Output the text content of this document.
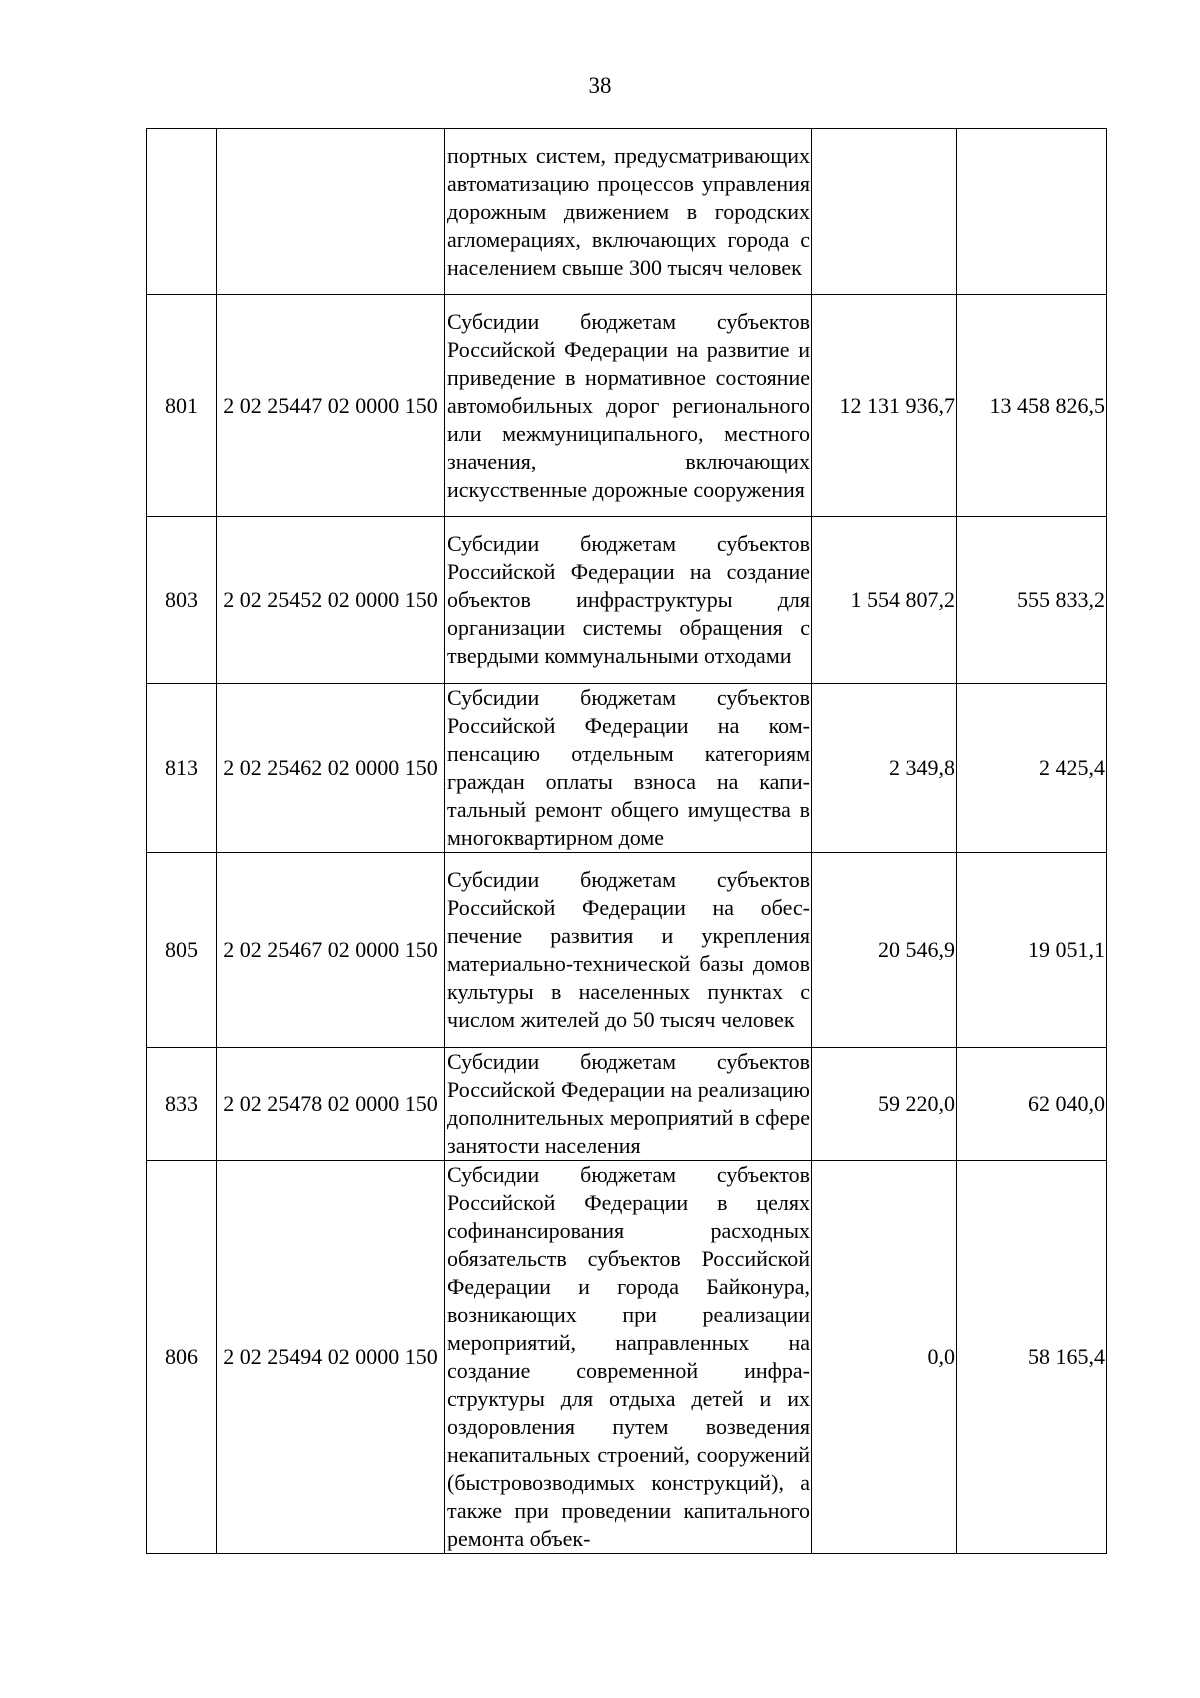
38

		портных систем, предусматривающих автоматизацию процессов управления дорожным движением в городских агломерациях, включающих города с населением свыше 300 тысяч человек		

801	2 02 25447 02 0000 150	Субсидии бюджетам субъектов Российской Федерации на развитие и приведение в нормативное состояние автомобильных дорог регионального или межмуниципального, местного значения, включающих искусственные дорожные сооружения	12 131 936,7	13 458 826,5
803	2 02 25452 02 0000 150	Субсидии бюджетам субъектов Российской Федерации на создание объектов инфраструктуры для организации системы обращения с твердыми коммунальными отходами	1 554 807,2	555 833,2
813	2 02 25462 02 0000 150	Субсидии бюджетам субъектов Российской Федерации на компенсацию отдельным категориям граждан оплаты взноса на капитальный ремонт общего имущества в многоквартирном доме	2 349,8	2 425,4
805	2 02 25467 02 0000 150	Субсидии бюджетам субъектов Российской Федерации на обеспечение развития и укрепления материально-технической базы домов культуры в населенных пунктах с числом жителей до 50 тысяч человек	20 546,9	19 051,1
833	2 02 25478 02 0000 150	Субсидии бюджетам субъектов Российской Федерации на реализацию дополнительных мероприятий в сфере занятости населения	59 220,0	62 040,0
806	2 02 25494 02 0000 150	Субсидии бюджетам субъектов Российской Федерации в целях софинансирования расходных обязательств субъектов Российской Федерации и города Байконура, возникающих при реализации мероприятий, направленных на создание современной инфраструктуры для отдыха детей и их оздоровления путем возведения некапитальных строений, сооружений (быстровозводимых конструкций), а также при проведении капитального ремонта объек-	0,0	58 165,4
